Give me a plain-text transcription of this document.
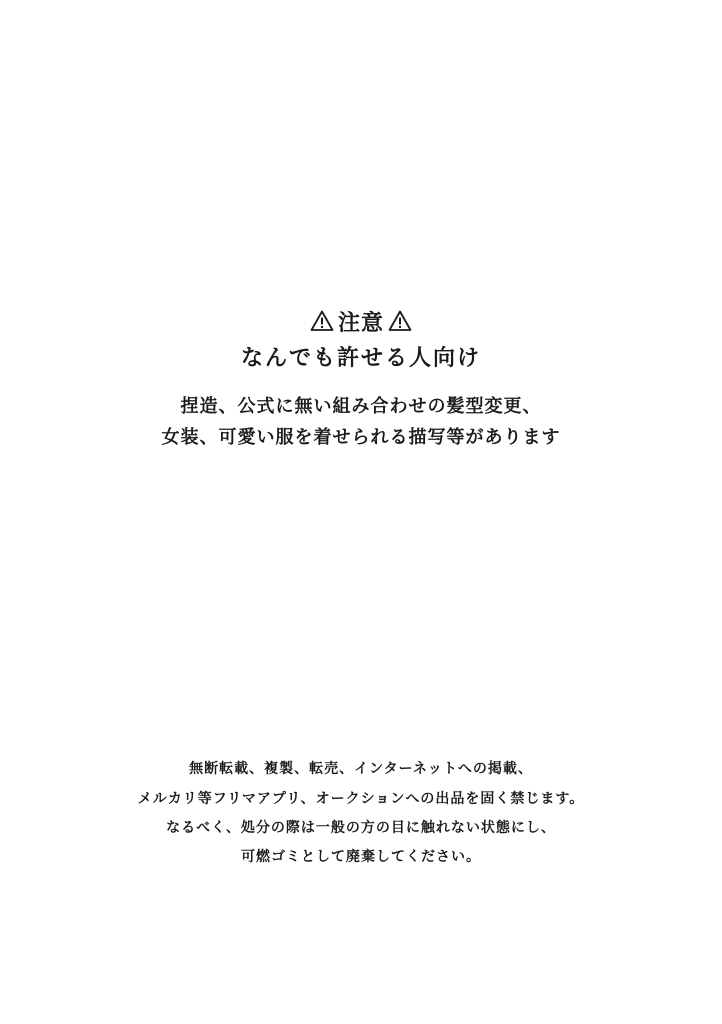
注意
なんでも許せる人向け
捏造、公式に無い組み合わせの髪型変更、
女装、可愛い服を着せられる描写等があります
無断転載、複製、転売、インターネットへの掲載、
メルカリ等フリマアプリ、オークションへの出品を固く禁じます。
なるべく、処分の際は一般の方の目に触れない状態にし、
可燃ゴミとして廃棄してください。
